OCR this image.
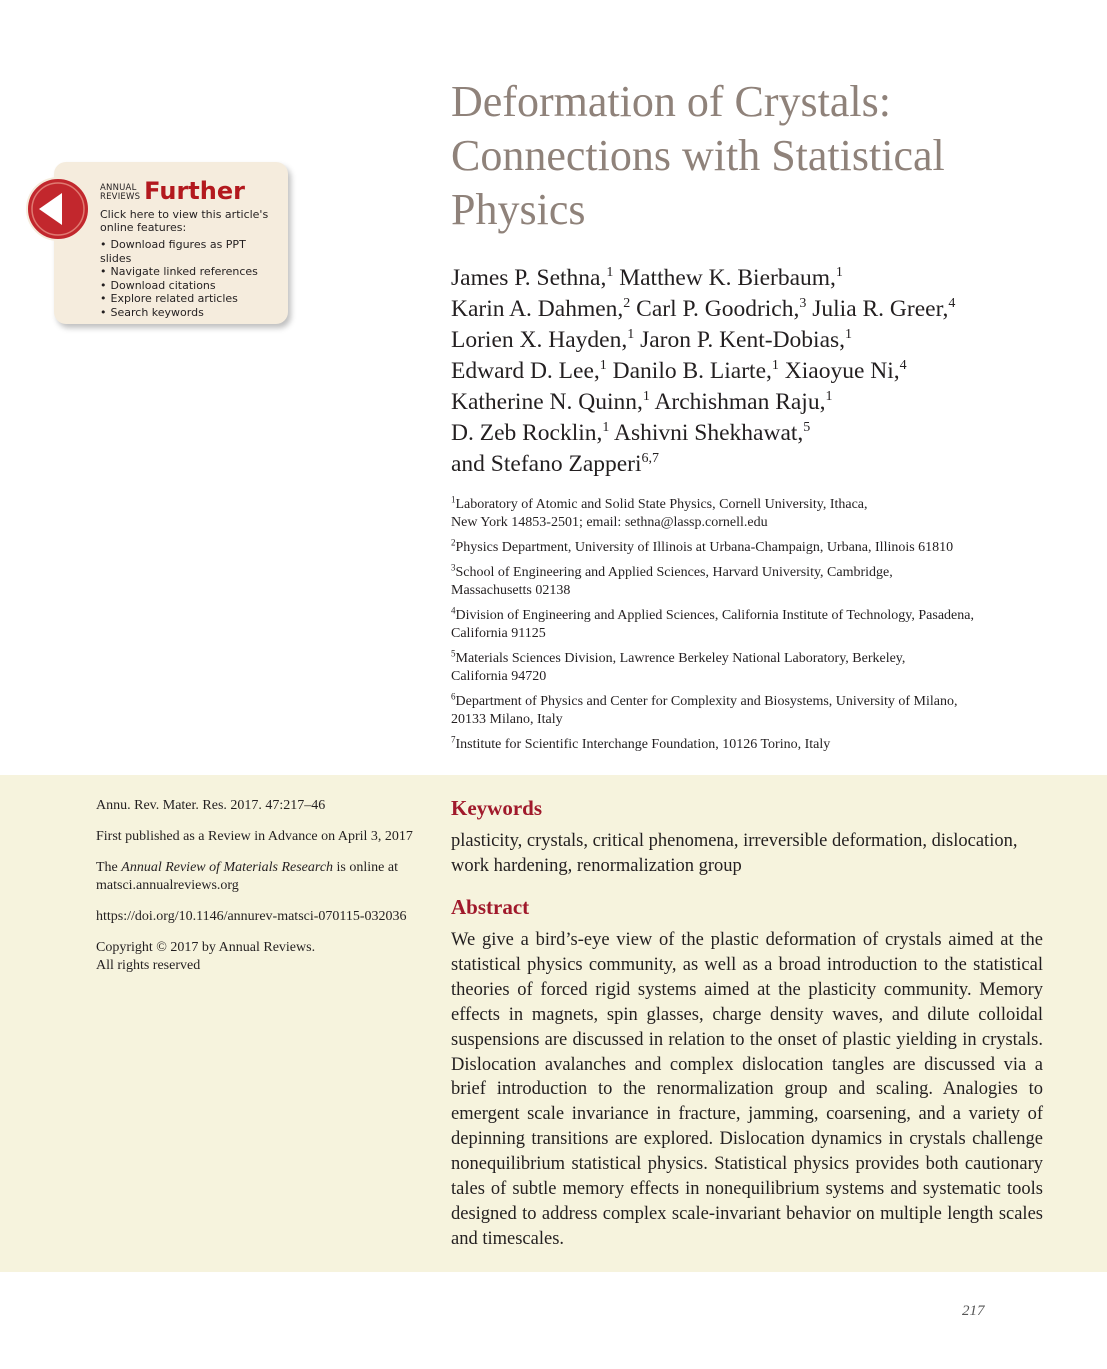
ANNUAL
REVIEWS Further

Click here to view this article's online features:

• Download figures as PPT slides
• Navigate linked references
• Download citations
• Explore related articles
• Search keywords
Deformation of Crystals:
Connections with Statistical
Physics
James P. Sethna,$^1$ Matthew K. Bierbaum,$^1$
Karin A. Dahmen,$^2$ Carl P. Goodrich,$^3$ Julia R. Greer,$^4$
Lorien X. Hayden,$^1$ Jaron P. Kent-Dobias,$^1$
Edward D. Lee,$^1$ Danilo B. Liarte,$^1$ Xiaoyue Ni,$^4$
Katherine N. Quinn,$^1$ Archishman Raju,$^1$
D. Zeb Rocklin,$^1$ Ashivni Shekhawat,$^5$
and Stefano Zapperi$^{6,7}$
$^1$Laboratory of Atomic and Solid State Physics, Cornell University, Ithaca,
New York 14853-2501; email: sethna@lassp.cornell.edu
$^2$Physics Department, University of Illinois at Urbana-Champaign, Urbana, Illinois 61810
$^3$School of Engineering and Applied Sciences, Harvard University, Cambridge,
Massachusetts 02138
$^4$Division of Engineering and Applied Sciences, California Institute of Technology, Pasadena,
California 91125
$^5$Materials Sciences Division, Lawrence Berkeley National Laboratory, Berkeley,
California 94720
$^6$Department of Physics and Center for Complexity and Biosystems, University of Milano,
20133 Milano, Italy
$^7$Institute for Scientific Interchange Foundation, 10126 Torino, Italy

Annu. Rev. Mater. Res. 2017. 47:217–46

First published as a Review in Advance on April 3, 2017

The Annual Review of Materials Research is online at matsci.annualreviews.org

https://doi.org/10.1146/annurev-matsci-070115-032036

Copyright © 2017 by Annual Reviews.
All rights reserved

Keywords

plasticity, crystals, critical phenomena, irreversible deformation, dislocation, work hardening, renormalization group

Abstract

We give a bird’s-eye view of the plastic deformation of crystals aimed at the statistical physics community, as well as a broad introduction to the statistical theories of forced rigid systems aimed at the plasticity community. Memory effects in magnets, spin glasses, charge density waves, and dilute colloidal suspensions are discussed in relation to the onset of plastic yielding in crystals. Dislocation avalanches and complex dislocation tangles are discussed via a brief introduction to the renormalization group and scaling. Analogies to emergent scale invariance in fracture, jamming, coarsening, and a variety of depinning transitions are explored. Dislocation dynamics in crystals challenge nonequilibrium statistical physics. Statistical physics provides both cautionary tales of subtle memory effects in nonequilibrium systems and systematic tools designed to address complex scale-invariant behavior on multiple length scales and timescales.

217
